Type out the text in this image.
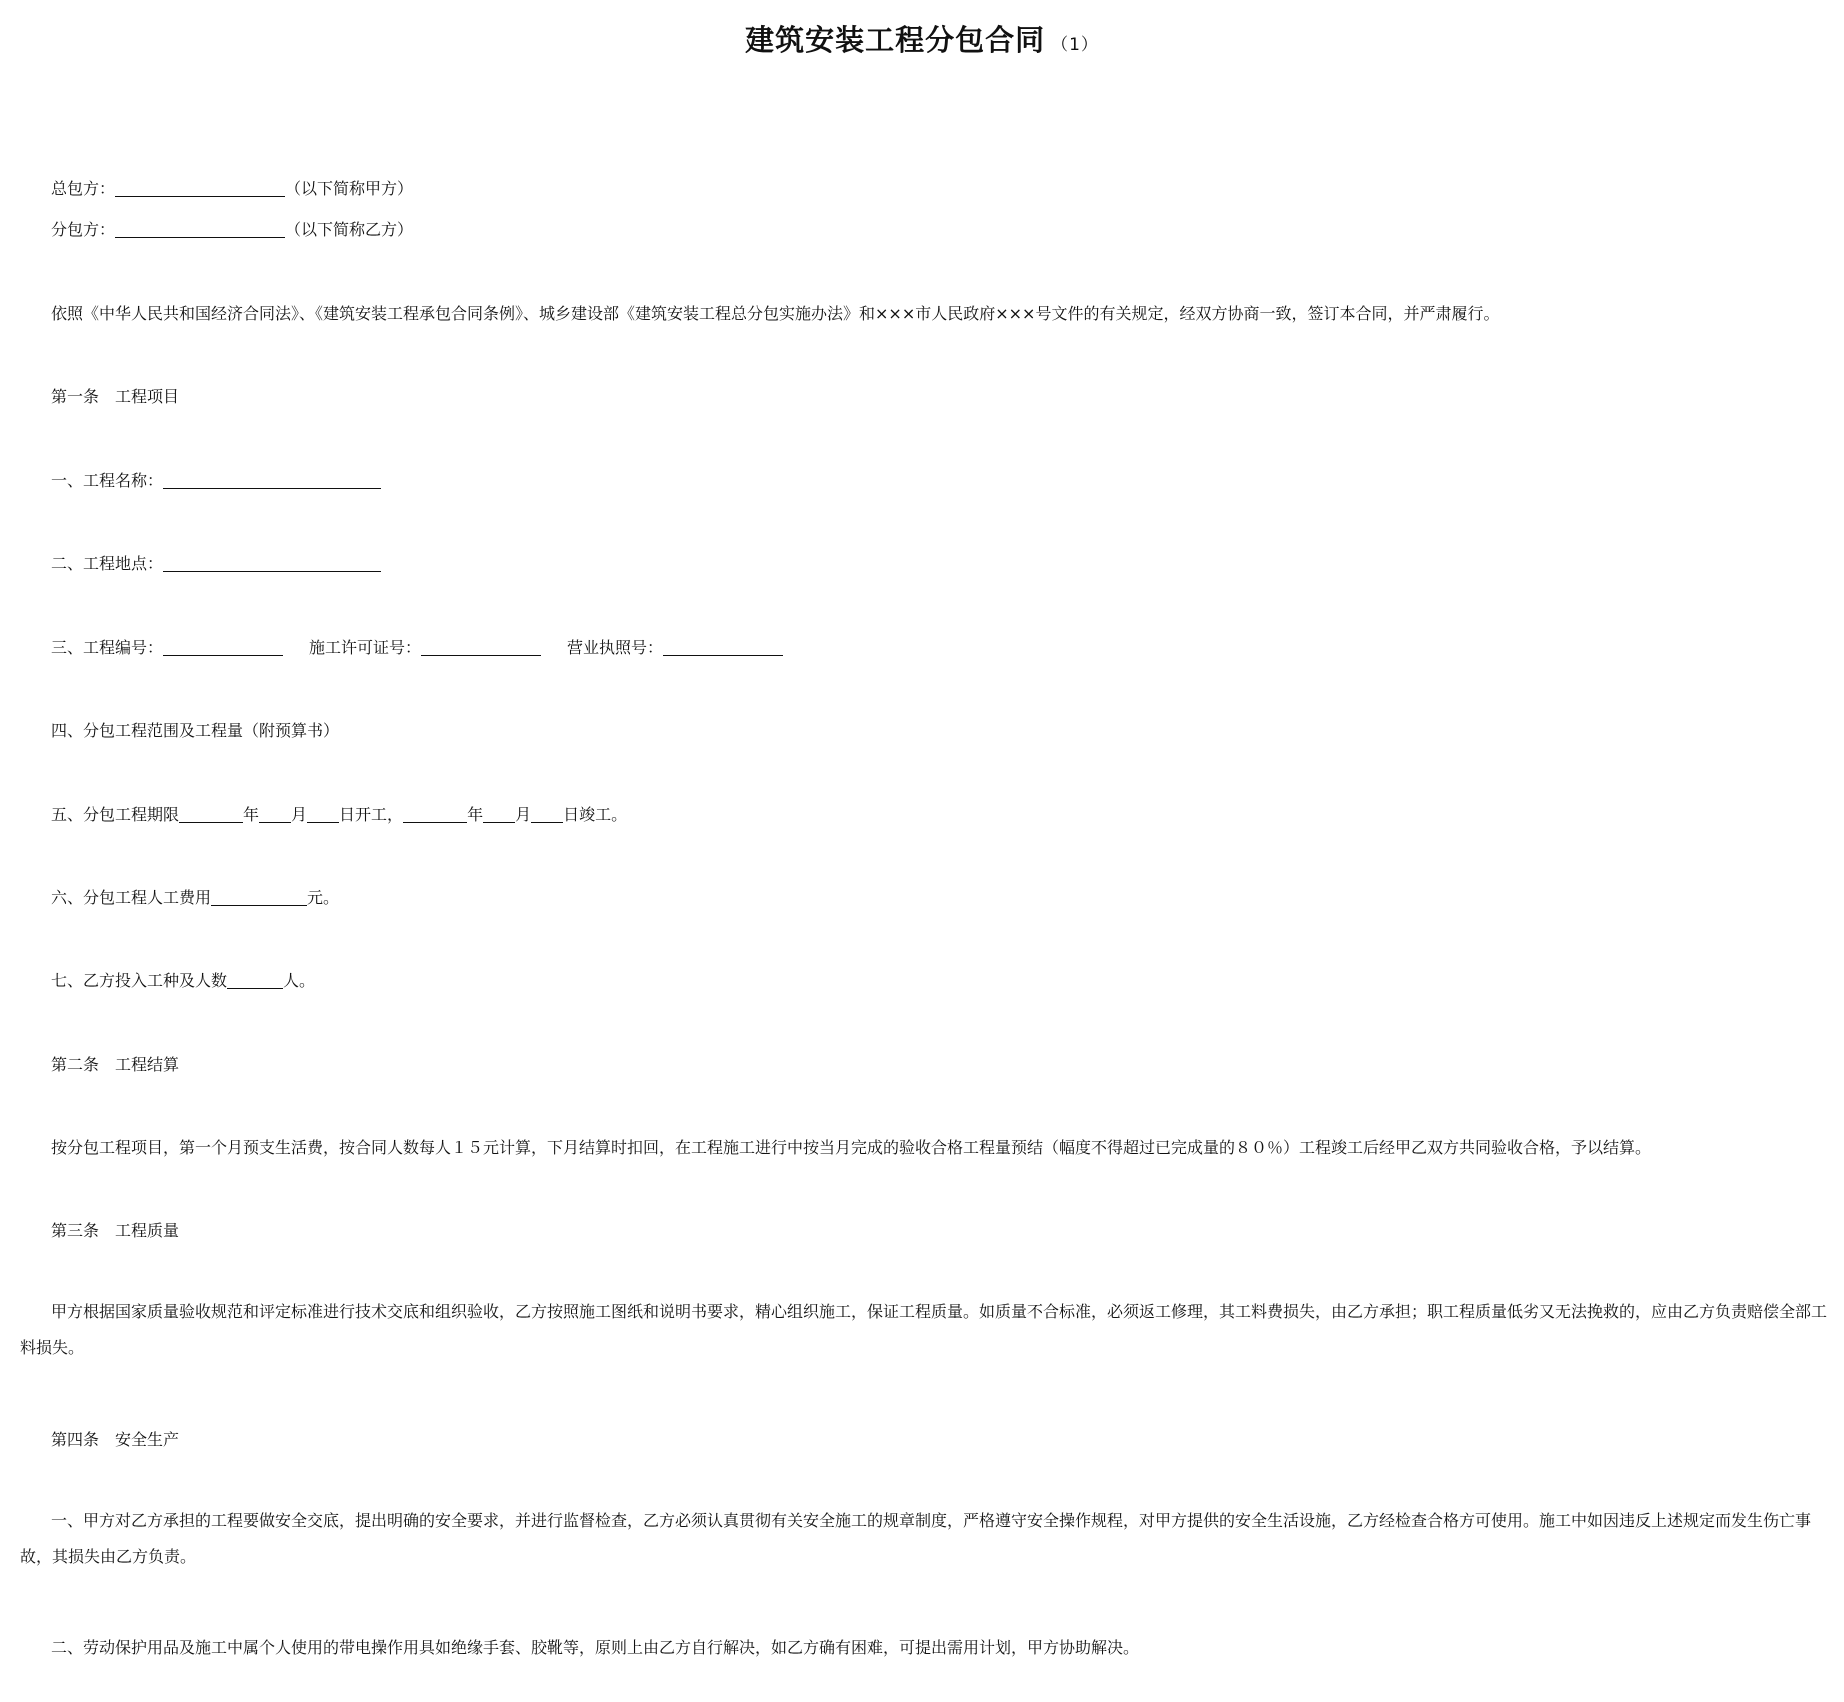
建筑安装工程分包合同 （1）
总包方：	（以下简称甲方）
分包方：	（以下简称乙方）
依照《中华人民共和国经济合同法》、《建筑安装工程承包合同条例》、城乡建设部《建筑安装工程总分包实施办法》和×××市人民政府×××号文件的有关规定，经双方协商一致，签订本合同，并严肃履行。
第一条　工程项目
一、工程名称：
二、工程地点：
三、工程编号：	施工许可证号：	营业执照号：
四、分包工程范围及工程量（附预算书）
五、分包工程期限	年 月 日开工，	年 月 日竣工。
六、分包工程人工费用	元。
七、乙方投入工种及人数	人。
第二条　工程结算
按分包工程项目，第一个月预支生活费，按合同人数每人１５元计算，下月结算时扣回，在工程施工进行中按当月完成的验收合格工程量预结（幅度不得超过已完成量的８０％）工程竣工后经甲乙双方共同验收合格，予以结算。
第三条　工程质量
甲方根据国家质量验收规范和评定标准进行技术交底和组织验收，乙方按照施工图纸和说明书要求，精心组织施工，保证工程质量。如质量不合标准，必须返工修理，其工料费损失，由乙方承担；职工程质量低劣又无法挽救的，应由乙方负责赔偿全部工料损失。
第四条　安全生产
一、甲方对乙方承担的工程要做安全交底，提出明确的安全要求，并进行监督检查，乙方必须认真贯彻有关安全施工的规章制度，严格遵守安全操作规程，对甲方提供的安全生活设施，乙方经检查合格方可使用。施工中如因违反上述规定而发生伤亡事故，其损失由乙方负责。
二、劳动保护用品及施工中属个人使用的带电操作用具如绝缘手套、胶靴等，原则上由乙方自行解决，如乙方确有困难，可提出需用计划，甲方协助解决。
